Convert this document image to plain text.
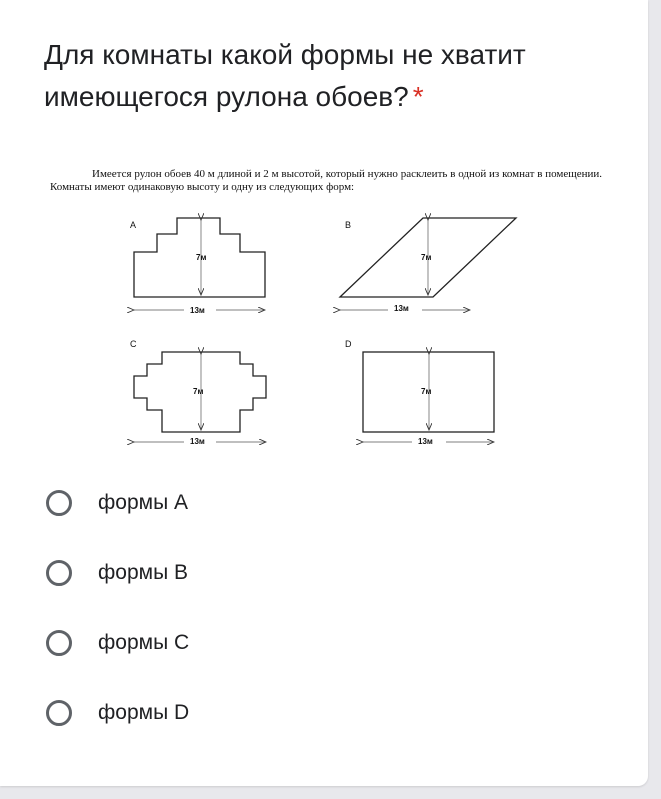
Для комнаты какой формы не хватит имеющегося рулона обоев? *
Имеется рулон обоев 40 м длиной и 2 м высотой, который нужно расклеить в одной из комнат в помещении. Комнаты имеют одинаковую высоту и одну из следующих форм:
A
7м
13м
B
7м
13м
C
7м
13м
D
7м
13м
формы A
формы B
формы C
формы D
